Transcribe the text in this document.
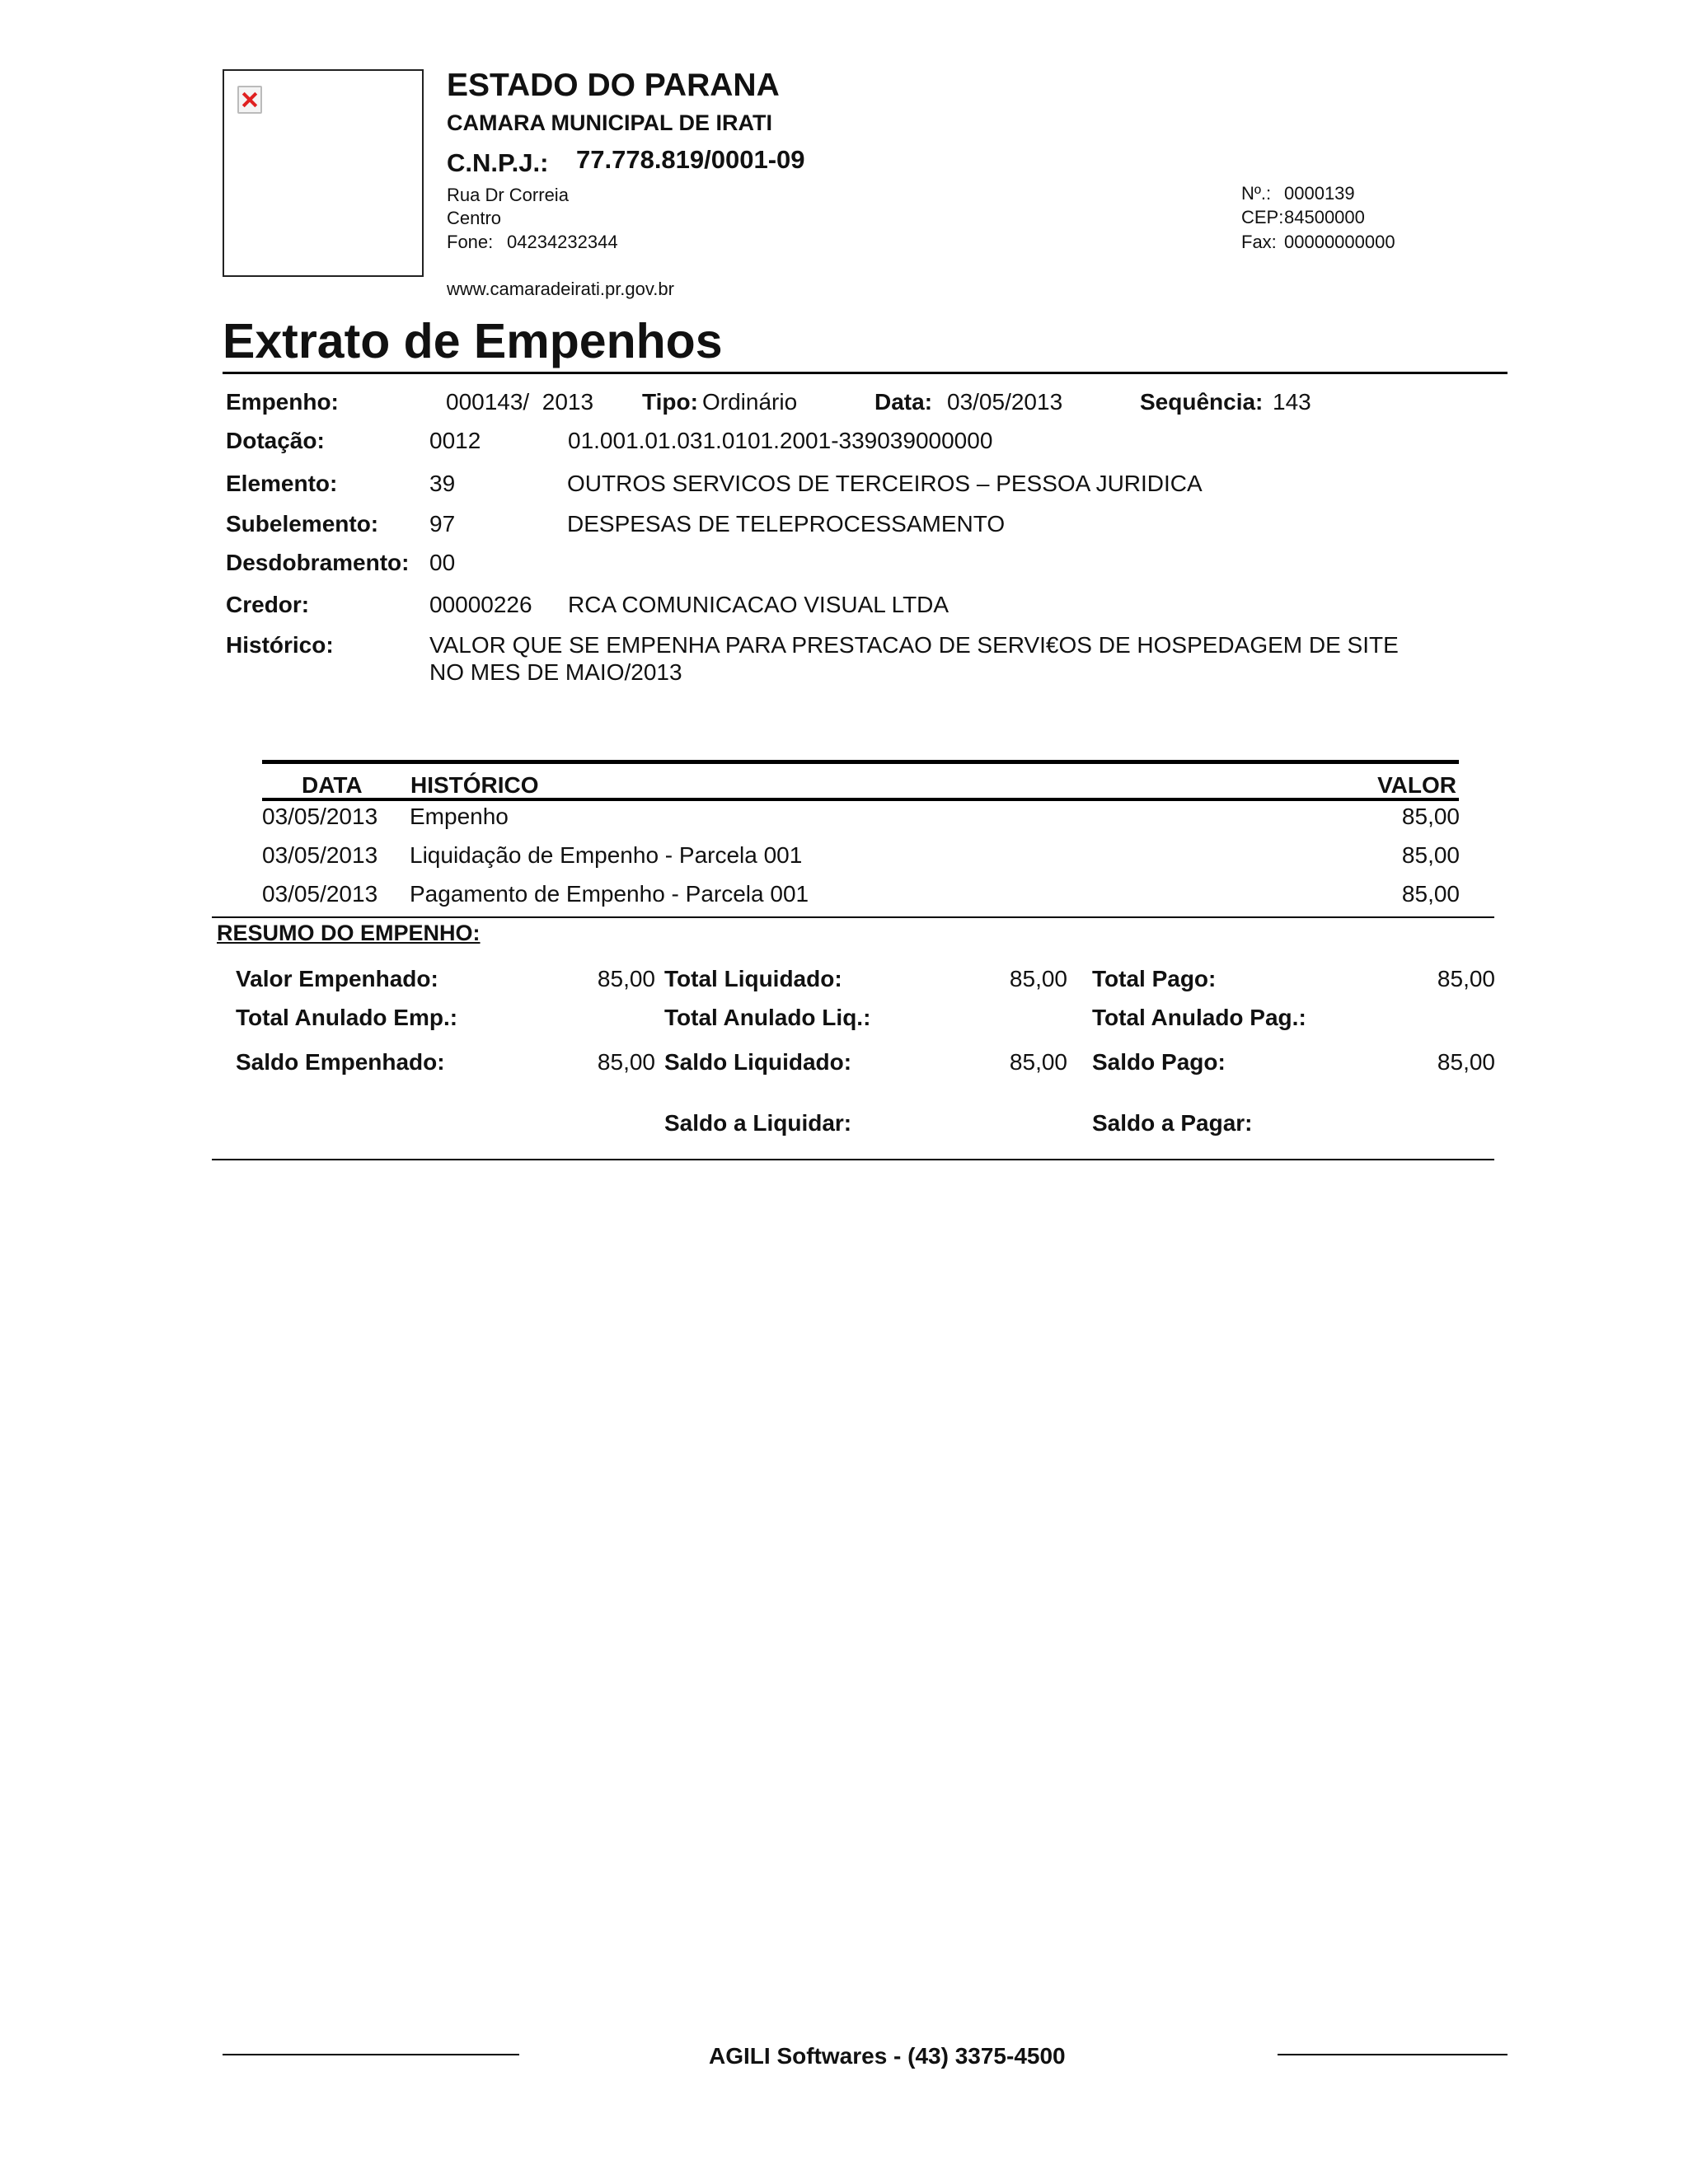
ESTADO DO PARANA
CAMARA MUNICIPAL DE IRATI
C.N.P.J.: 77.778.819/0001-09
Rua Dr Correia
Centro
Fone: 04234232344
Nº.: 0000139
CEP: 84500000
Fax: 00000000000
www.camaradeirati.pr.gov.br
Extrato de Empenhos
Empenho:	000143/  2013 Tipo: Ordinário	Data: 03/05/2013	Sequência: 143
Dotação:	0012	01.001.01.031.0101.2001-339039000000
Elemento:	39	OUTROS SERVICOS DE TERCEIROS – PESSOA JURIDICA
Subelemento: 97	DESPESAS DE TELEPROCESSAMENTO
Desdobramento: 00
Credor:	00000226 RCA COMUNICACAO VISUAL LTDA
Histórico:	VALOR QUE SE EMPENHA PARA PRESTACAO DE SERVI€OS DE HOSPEDAGEM DE SITE
NO MES DE MAIO/2013
DATA HISTÓRICO	VALOR
03/05/2013 Empenho	85,00
03/05/2013 Liquidação de Empenho - Parcela 001	85,00
03/05/2013 Pagamento de Empenho - Parcela 001	85,00
RESUMO DO EMPENHO:
Valor Empenhado:	85,00 Total Liquidado:	85,00 Total Pago:	85,00
Total Anulado Emp.:	Total Anulado Liq.:	Total Anulado Pag.:
Saldo Empenhado:	85,00 Saldo Liquidado:	85,00 Saldo Pago:	85,00
Saldo a Liquidar:	Saldo a Pagar:
AGILI Softwares - (43) 3375-4500
